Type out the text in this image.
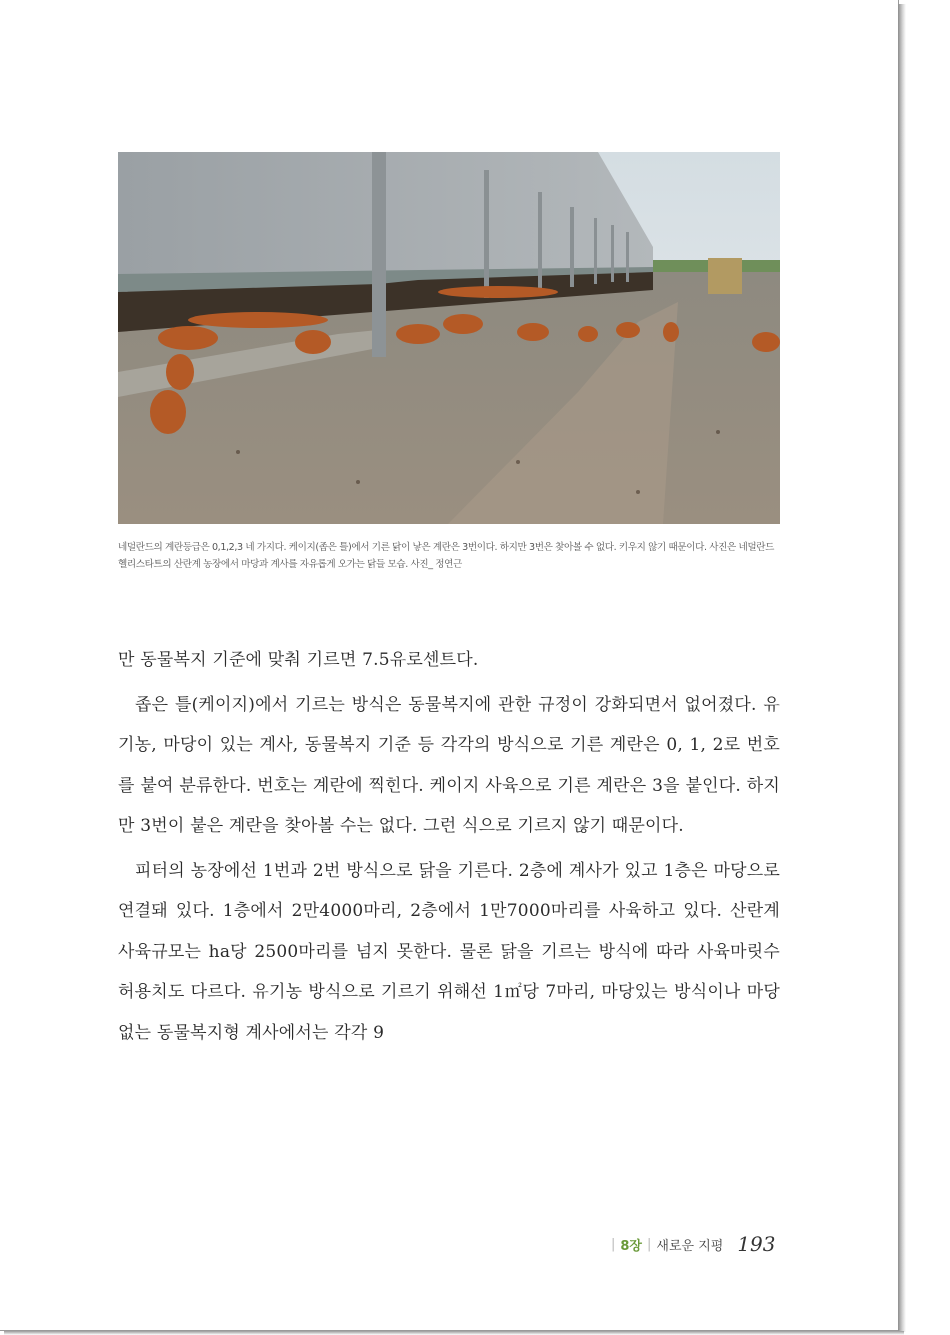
네덜란드의 계란등급은 0,1,2,3 네 가지다. 케이지(좁은 틀)에서 기른 닭이 낳은 계란은 3번이다. 하지만 3번은 찾아볼 수 없다. 키우지 않기 때문이다. 사진은 네덜란드 헬리스타트의 산란계 농장에서 마당과 계사를 자유롭게 오가는 닭들 모습. 사진_ 정연근

만 동물복지 기준에 맞춰 기르면 7.5유로센트다.

좁은 틀(케이지)에서 기르는 방식은 동물복지에 관한 규정이 강화되면서 없어졌다. 유기농, 마당이 있는 계사, 동물복지 기준 등 각각의 방식으로 기른 계란은 0, 1, 2로 번호를 붙여 분류한다. 번호는 계란에 찍힌다. 케이지 사육으로 기른 계란은 3을 붙인다. 하지만 3번이 붙은 계란을 찾아볼 수는 없다. 그런 식으로 기르지 않기 때문이다.

피터의 농장에선 1번과 2번 방식으로 닭을 기른다. 2층에 계사가 있고 1층은 마당으로 연결돼 있다. 1층에서 2만4000마리, 2층에서 1만7000마리를 사육하고 있다. 산란계 사육규모는 ha당 2500마리를 넘지 못한다. 물론 닭을 기르는 방식에 따라 사육마릿수 허용치도 다르다. 유기농 방식으로 기르기 위해선 1㎡당 7마리, 마당있는 방식이나 마당없는 동물복지형 계사에서는 각각 9

| 8장 | 새로운 지평 193
